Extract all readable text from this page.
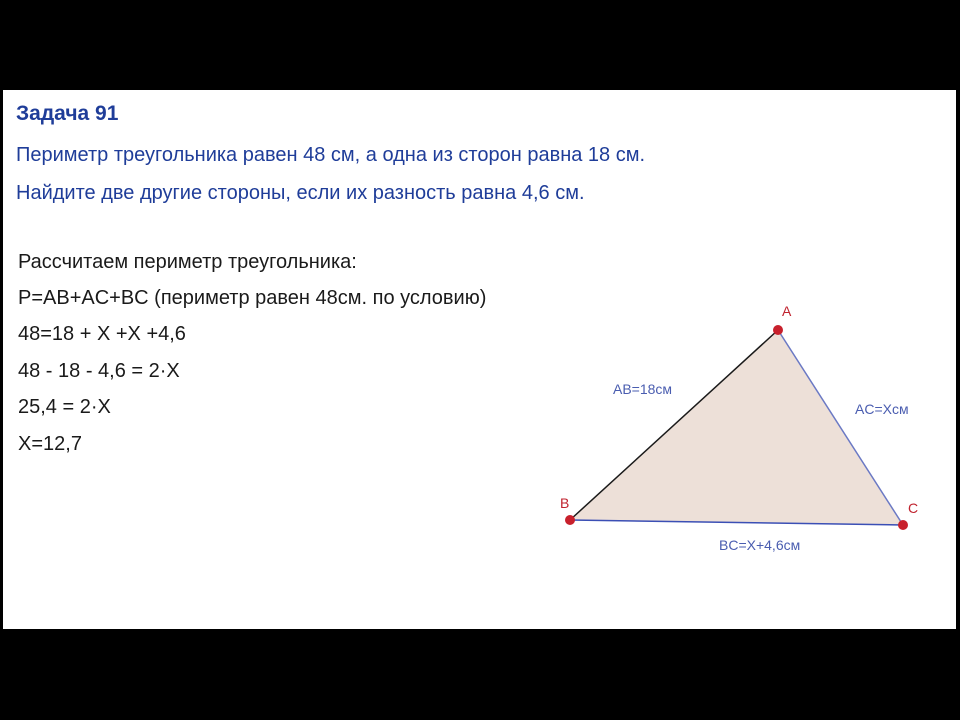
Задача 91

Периметр треугольника равен 48 см, а одна из сторон равна 18 см.

Найдите две другие стороны, если их разность равна 4,6 см.

Рассчитаем периметр треугольника:

P=AB+AC+BC (периметр равен 48см. по условию)

48=18 + X +X +4,6

48 - 18 - 4,6 = 2·X

25,4 = 2·X

X=12,7

A
B	C
AB=18см
AC=Xсм
BC=X+4,6см
